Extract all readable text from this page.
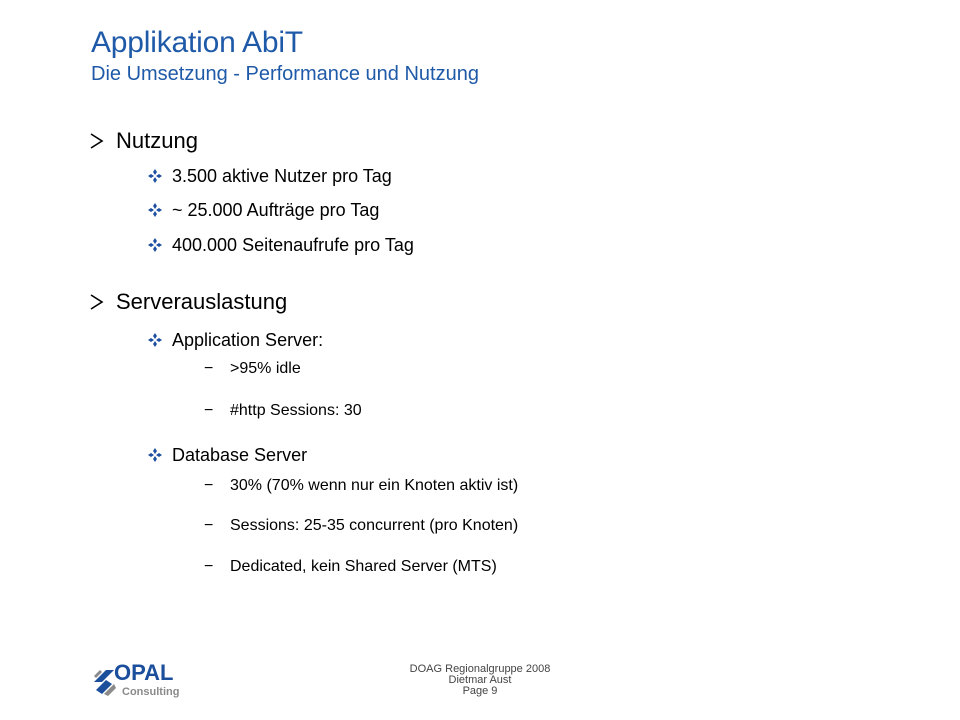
Applikation AbiT
Die Umsetzung - Performance und Nutzung
Nutzung
3.500 aktive Nutzer pro Tag
~ 25.000 Aufträge pro Tag
400.000 Seitenaufrufe pro Tag
Serverauslastung
Application Server:
− >95% idle
− #http Sessions: 30
Database Server
− 30% (70% wenn nur ein Knoten aktiv ist)
− Sessions: 25-35 concurrent (pro Knoten)
− Dedicated, kein Shared Server (MTS)
OPAL
Consulting
DOAG Regionalgruppe 2008
Dietmar Aust
Page 9
